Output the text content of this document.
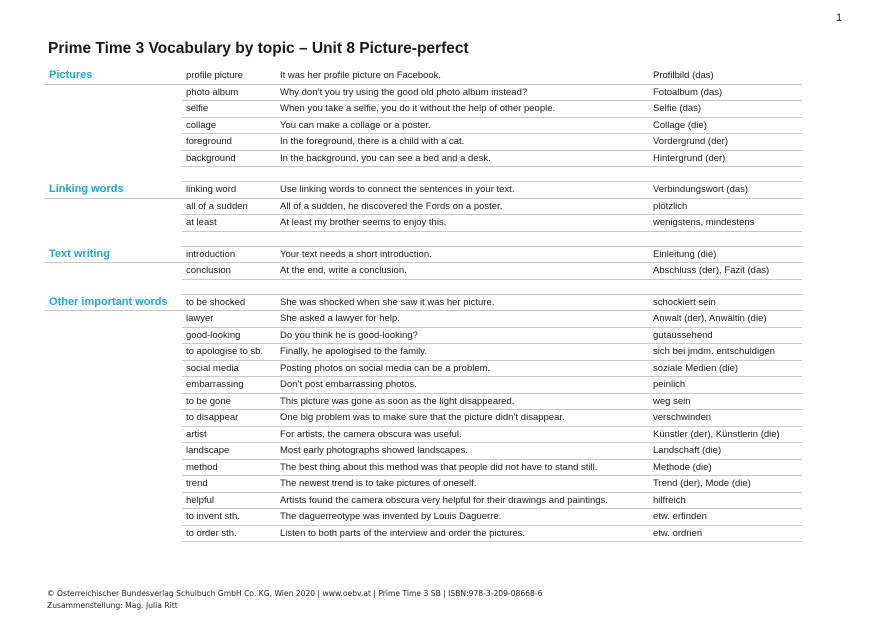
1
Prime Time 3 Vocabulary by topic – Unit 8 Picture-perfect
Pictures	profile picture	It was her profile picture on Facebook.	Profilbild (das)
	photo album	Why don’t you try using the good old photo album instead?	Fotoalbum (das)
	selfie	When you take a selfie, you do it without the help of other people.	Selfie (das)
	collage	You can make a collage or a poster.	Collage (die)
	foreground	In the foreground, there is a child with a cat.	Vordergrund (der)
	background	In the background, you can see a bed and a desk.	Hintergrund (der)

Linking words	linking word	Use linking words to connect the sentences in your text.	Verbindungswort (das)
	all of a sudden	All of a sudden, he discovered the Fords on a poster.	plötzlich
	at least	At least my brother seems to enjoy this.	wenigstens, mindestens

Text writing	introduction	Your text needs a short introduction.	Einleitung (die)
	conclusion	At the end, write a conclusion.	Abschluss (der), Fazit (das)

Other important words	to be shocked	She was shocked when she saw it was her picture.	schockiert sein
	lawyer	She asked a lawyer for help.	Anwalt (der), Anwältin (die)
	good-looking	Do you think he is good-looking?	gutaussehend
	to apologise to sb.	Finally, he apologised to the family.	sich bei jmdm. entschuldigen
	social media	Posting photos on social media can be a problem.	soziale Medien (die)
	embarrassing	Don’t post embarrassing photos.	peinlich
	to be gone	This picture was gone as soon as the light disappeared.	weg sein
	to disappear	One big problem was to make sure that the picture didn’t disappear.	verschwinden
	artist	For artists, the camera obscura was useful.	Künstler (der), Künstlerin (die)
	landscape	Most early photographs showed landscapes.	Landschaft (die)
	method	The best thing about this method was that people did not have to stand still.	Methode (die)
	trend	The newest trend is to take pictures of oneself.	Trend (der), Mode (die)
	helpful	Artists found the camera obscura very helpful for their drawings and paintings.	hilfreich
	to invent sth.	The daguerreotype was invented by Louis Daguerre.	etw. erfinden
	to order sth.	Listen to both parts of the interview and order the pictures.	etw. ordnen
© Österreichischer Bundesverlag Schulbuch GmbH Co. KG, Wien 2020 | www.oebv.at | Prime Time 3 SB | ISBN:978-3-209-08668-6
Zusammenstellung: Mag. Julia Ritt
